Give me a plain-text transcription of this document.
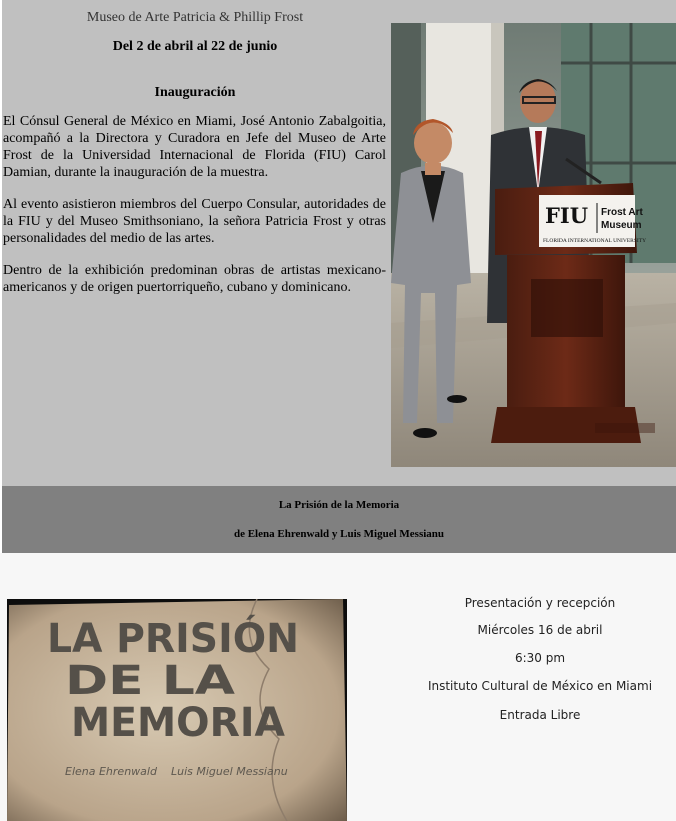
Museo de Arte Patricia & Phillip Frost
Del 2 de abril al 22 de junio
Inauguración

El Cónsul General de México en Miami, José Antonio Zabalgoitia, acompañó a la Directora y Curadora en Jefe del Museo de Arte Frost de la Universidad Internacional de Florida (FIU) Carol Damian, durante la inauguración de la muestra.

Al evento asistieron miembros del Cuerpo Consular, autoridades de la FIU y del Museo Smithsoniano, la señora Patricia Frost y otras personalidades del medio de las artes.

Dentro de la exhibición predominan obras de artistas mexicano-americanos y de origen puertorriqueño, cubano y dominicano.

FIU Frost Art
Museum
FLORIDA INTERNATIONAL UNIVERSITY
La Prisión de la Memoria
de Elena Ehrenwald y Luis Miguel Messianu
LA PRISIÓN
DE LA
MEMORIA
Elena Ehrenwald Luis Miguel Messianu
Presentación y recepción
Miércoles 16 de abril
6:30 pm
Instituto Cultural de México en Miami
Entrada Libre
